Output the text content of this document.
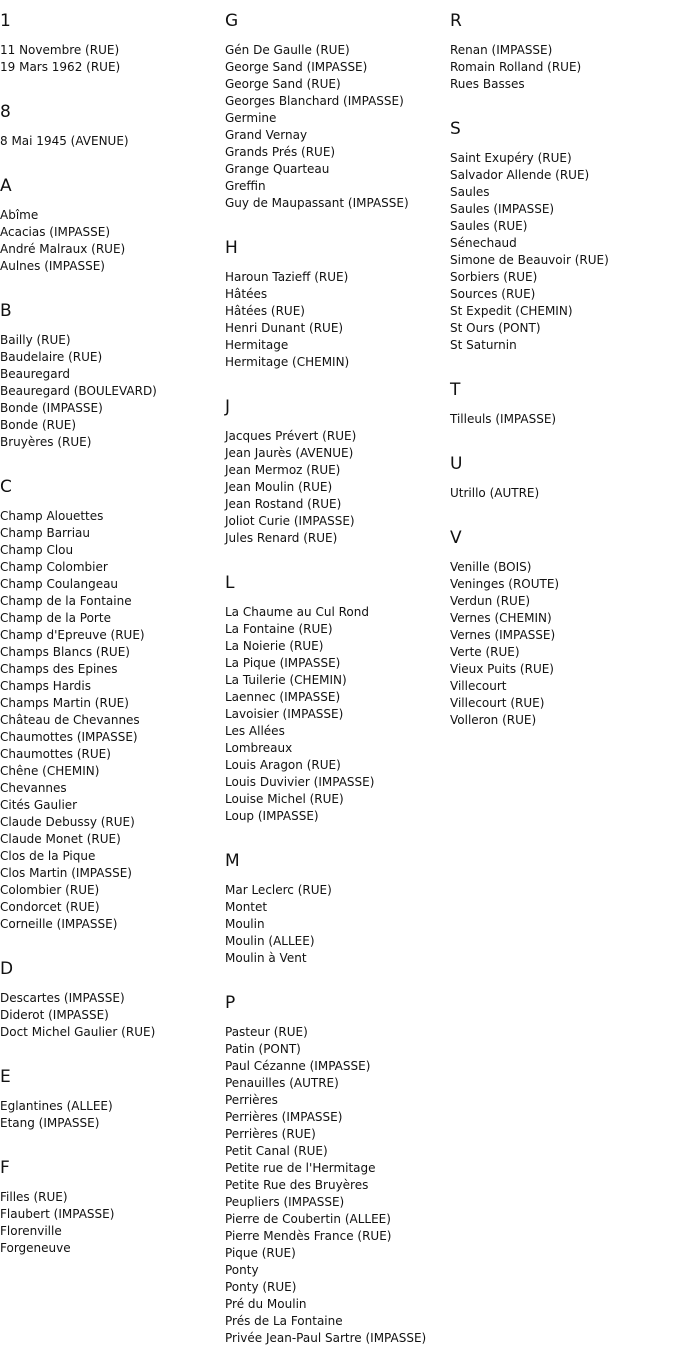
1
11 Novembre (RUE)
19 Mars 1962 (RUE)
8
8 Mai 1945 (AVENUE)
A
Abîme
Acacias (IMPASSE)
André Malraux (RUE)
Aulnes (IMPASSE)
B
Bailly (RUE)
Baudelaire (RUE)
Beauregard
Beauregard (BOULEVARD)
Bonde (IMPASSE)
Bonde (RUE)
Bruyères (RUE)
C
Champ Alouettes
Champ Barriau
Champ Clou
Champ Colombier
Champ Coulangeau
Champ de la Fontaine
Champ de la Porte
Champ d'Epreuve (RUE)
Champs Blancs (RUE)
Champs des Epines
Champs Hardis
Champs Martin (RUE)
Château de Chevannes
Chaumottes (IMPASSE)
Chaumottes (RUE)
Chêne (CHEMIN)
Chevannes
Cités Gaulier
Claude Debussy (RUE)
Claude Monet (RUE)
Clos de la Pique
Clos Martin (IMPASSE)
Colombier (RUE)
Condorcet (RUE)
Corneille (IMPASSE)
D
Descartes (IMPASSE)
Diderot (IMPASSE)
Doct Michel Gaulier (RUE)
E
Eglantines (ALLEE)
Etang (IMPASSE)
F
Filles (RUE)
Flaubert (IMPASSE)
Florenville
Forgeneuve
G
Gén De Gaulle (RUE)
George Sand (IMPASSE)
George Sand (RUE)
Georges Blanchard (IMPASSE)
Germine
Grand Vernay
Grands Prés (RUE)
Grange Quarteau
Greffin
Guy de Maupassant (IMPASSE)
H
Haroun Tazieff (RUE)
Hâtées
Hâtées (RUE)
Henri Dunant (RUE)
Hermitage
Hermitage (CHEMIN)
J
Jacques Prévert (RUE)
Jean Jaurès (AVENUE)
Jean Mermoz (RUE)
Jean Moulin (RUE)
Jean Rostand (RUE)
Joliot Curie (IMPASSE)
Jules Renard (RUE)
L
La Chaume au Cul Rond
La Fontaine (RUE)
La Noierie (RUE)
La Pique (IMPASSE)
La Tuilerie (CHEMIN)
Laennec (IMPASSE)
Lavoisier (IMPASSE)
Les Allées
Lombreaux
Louis Aragon (RUE)
Louis Duvivier (IMPASSE)
Louise Michel (RUE)
Loup (IMPASSE)
M
Mar Leclerc (RUE)
Montet
Moulin
Moulin (ALLEE)
Moulin à Vent
P
Pasteur (RUE)
Patin (PONT)
Paul Cézanne (IMPASSE)
Penauilles (AUTRE)
Perrières
Perrières (IMPASSE)
Perrières (RUE)
Petit Canal (RUE)
Petite rue de l'Hermitage
Petite Rue des Bruyères
Peupliers (IMPASSE)
Pierre de Coubertin (ALLEE)
Pierre Mendès France (RUE)
Pique (RUE)
Ponty
Ponty (RUE)
Pré du Moulin
Prés de La Fontaine
Privée Jean-Paul Sartre (IMPASSE)
R
Renan (IMPASSE)
Romain Rolland (RUE)
Rues Basses
S
Saint Exupéry (RUE)
Salvador Allende (RUE)
Saules
Saules (IMPASSE)
Saules (RUE)
Sénechaud
Simone de Beauvoir (RUE)
Sorbiers (RUE)
Sources (RUE)
St Expedit (CHEMIN)
St Ours (PONT)
St Saturnin
T
Tilleuls (IMPASSE)
U
Utrillo (AUTRE)
V
Venille (BOIS)
Veninges (ROUTE)
Verdun (RUE)
Vernes (CHEMIN)
Vernes (IMPASSE)
Verte (RUE)
Vieux Puits (RUE)
Villecourt
Villecourt (RUE)
Volleron (RUE)
